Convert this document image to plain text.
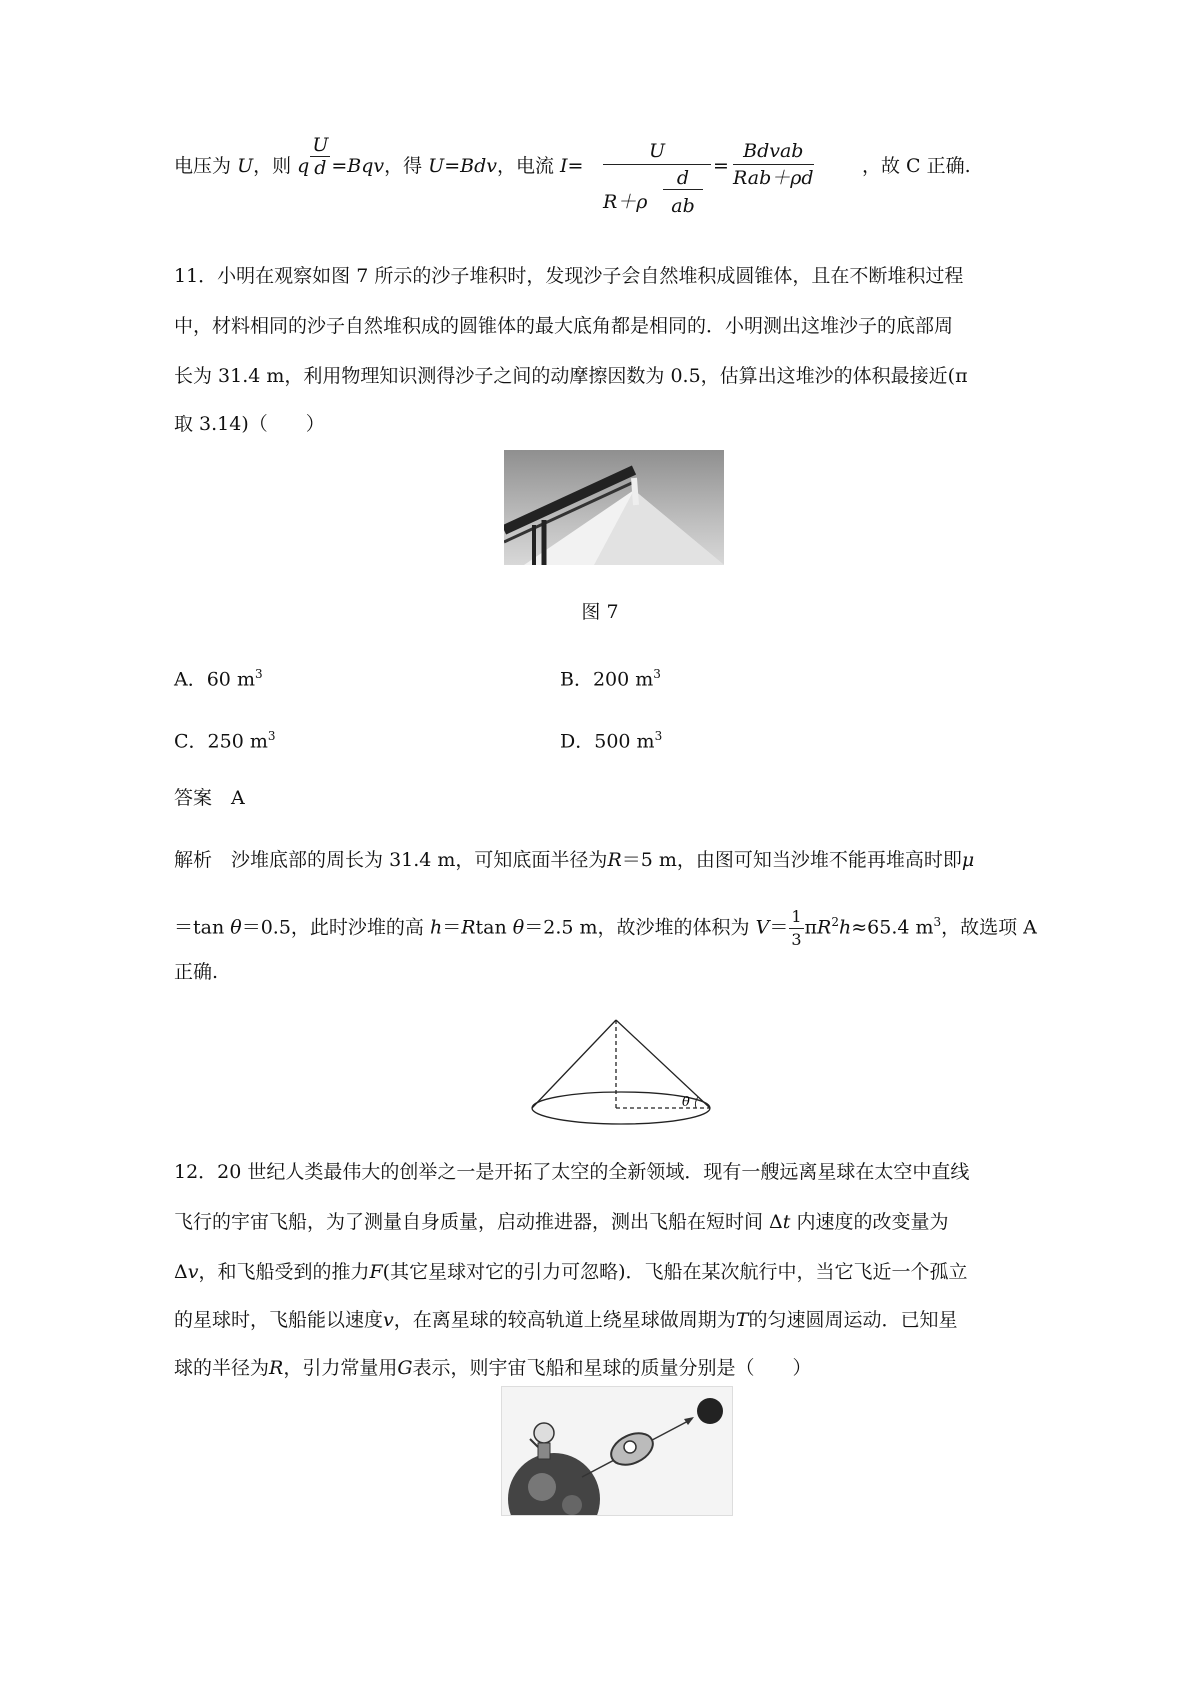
电压为 U，则 q $\frac{U}{d} =Bqv$，得 U=Bdv，电流 I=
U
R＋ρ
d
ab
=
Bdvab
Rab＋ρd
，故 C 正确.
11．小明在观察如图 7 所示的沙子堆积时，发现沙子会自然堆积成圆锥体，且在不断堆积过程
中，材料相同的沙子自然堆积成的圆锥体的最大底角都是相同的．小明测出这堆沙子的底部周
长为 31.4 m，利用物理知识测得沙子之间的动摩擦因数为 0.5，估算出这堆沙的体积最接近(π
取 3.14)（　　）
图 7
A．60 $m^3$	B．200 $m^3$
C．250 $m^3$	D．500 $m^3$
答案　 A
解析　 沙堆底部的周长为 31.4 m，可知底面半径为R＝5 m，由图可知当沙堆不能再堆高时即μ
＝tan θ＝0.5，此时沙堆的高 h＝Rtan θ＝2.5 m，故沙堆的体积为 $V= \frac{1}{3} \pi R^2h\approx 65.4$ $m^3$，故选项 A
正确.
θ
12．20 世纪人类最伟大的创举之一是开拓了太空的全新领域．现有一艘远离星球在太空中直线
飞行的宇宙飞船，为了测量自身质量，启动推进器，测出飞船在短时间 Δt 内速度的改变量为
Δv，和飞船受到的推力F(其它星球对它的引力可忽略)．飞船在某次航行中，当它飞近一个孤立
的星球时，飞船能以速度v，在离星球的较高轨道上绕星球做周期为T的匀速圆周运动．已知星
球的半径为R，引力常量用G表示，则宇宙飞船和星球的质量分别是（　　）
